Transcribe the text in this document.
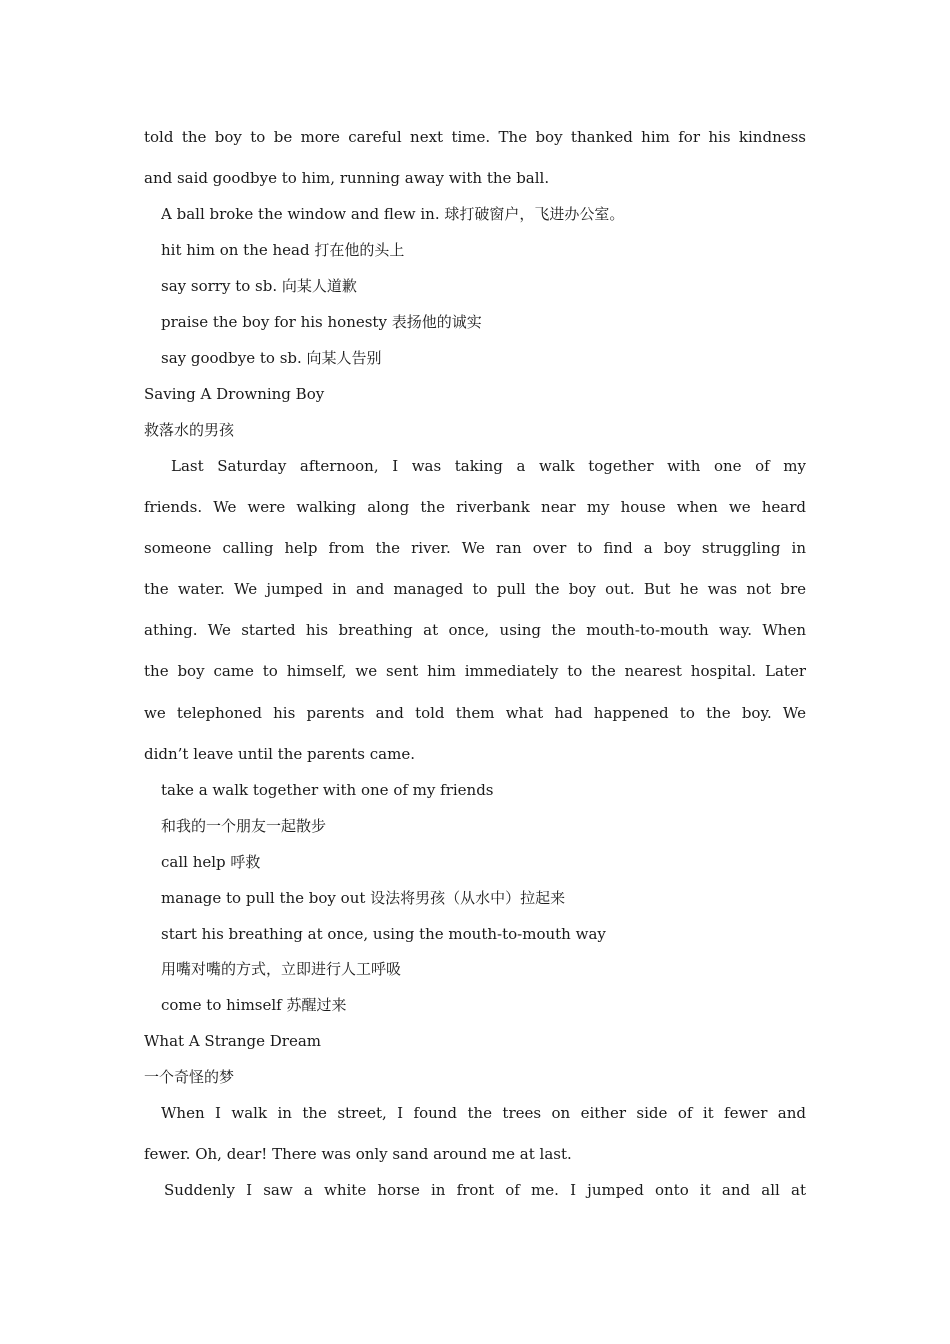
told the boy to be more careful next time. The boy thanked him for his kindness
and said goodbye to him, running away with the ball.
A ball broke the window and flew in. 球打破窗户，飞进办公室。
hit him on the head 打在他的头上
say sorry to sb. 向某人道歉
praise the boy for his honesty 表扬他的诚实
say goodbye to sb. 向某人告别
Saving A Drowning Boy
救落水的男孩
Last Saturday afternoon, I was taking a walk together with one of my
friends. We were walking along the riverbank near my house when we heard
someone calling help from the river. We ran over to find a boy struggling in
the water. We jumped in and managed to pull the boy out. But he was not bre
athing. We started his breathing at once, using the mouth-to-mouth way. When
the boy came to himself, we sent him immediately to the nearest hospital. Later
we telephoned his parents and told them what had happened to the boy. We
didn’t leave until the parents came.
take a walk together with one of my friends
和我的一个朋友一起散步
call help 呼救
manage to pull the boy out 设法将男孩（从水中）拉起来
start his breathing at once, using the mouth-to-mouth way
用嘴对嘴的方式，立即进行人工呼吸
come to himself 苏醒过来
What A Strange Dream
一个奇怪的梦
When I walk in the street, I found the trees on either side of it fewer and
fewer. Oh, dear! There was only sand around me at last.
Suddenly I saw a white horse in front of me. I jumped onto it and all at
